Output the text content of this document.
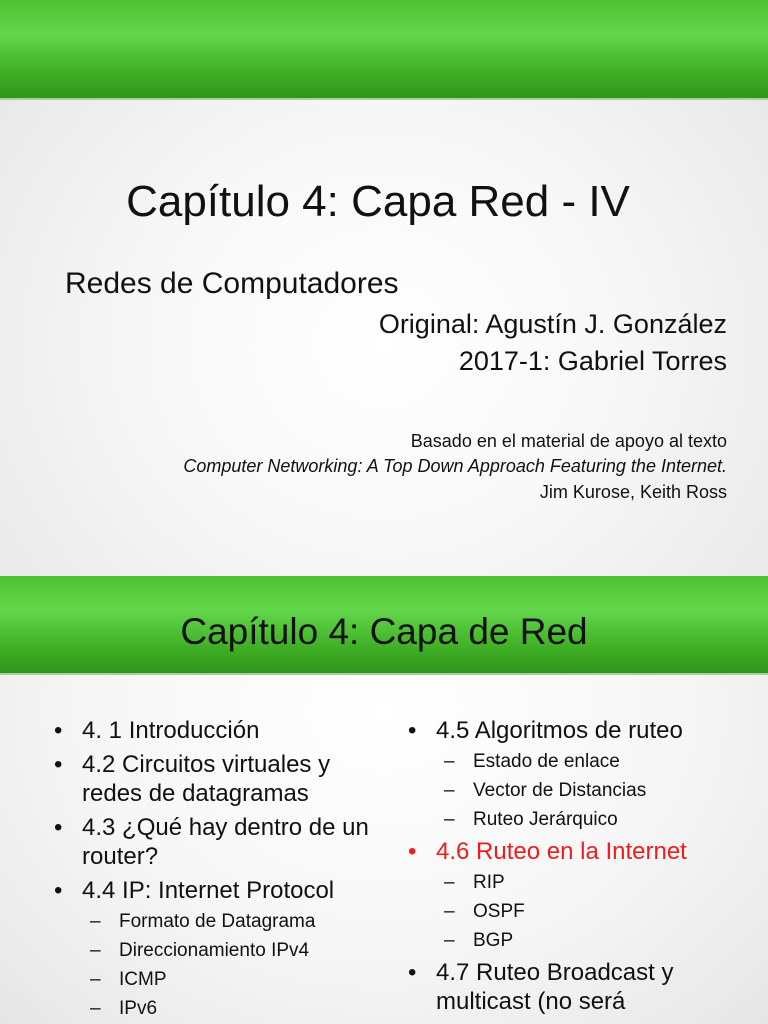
Capítulo 4: Capa Red - IV
Redes de Computadores
Original: Agustín J. González
2017-1: Gabriel Torres
Basado en el material de apoyo al texto
Computer Networking: A Top Down Approach Featuring the Internet.
Jim Kurose, Keith Ross
Capítulo 4: Capa de Red
• 4. 1 Introducción
• 4.2 Circuitos virtuales y redes de datagramas
• 4.3 ¿Qué hay dentro de un router?
• 4.4 IP: Internet Protocol
– Formato de Datagrama
– Direccionamiento IPv4
– ICMP
– IPv6
• 4.5 Algoritmos de ruteo
– Estado de enlace
– Vector de Distancias
– Ruteo Jerárquico
• 4.6 Ruteo en la Internet
– RIP
– OSPF
– BGP
• 4.7 Ruteo Broadcast y multicast (no será
